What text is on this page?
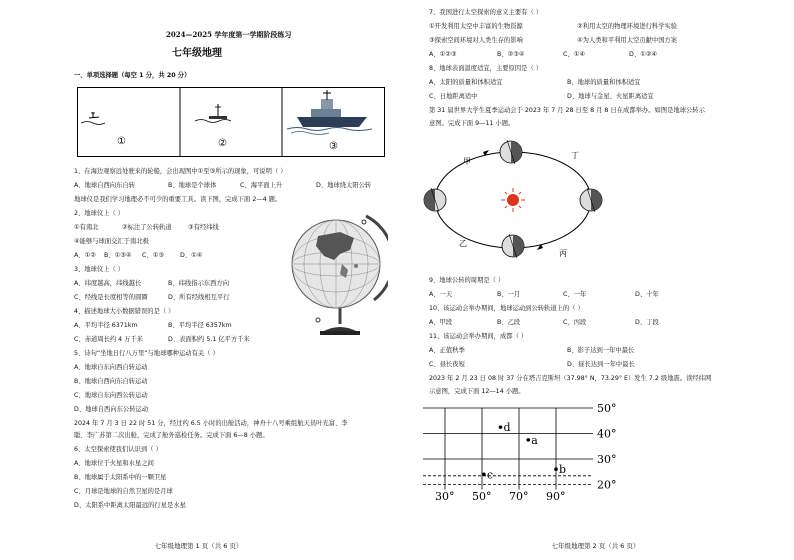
2024—2025 学年度第一学期阶段练习
七年级地理
一、单项选择题（每空 1 分，共 20 分）
①	②	③
1、在海边观察远处驶来的轮船，会出现图中①至③所示的现象，可说明（ ）
A、地球自西向东自转	B、地球是个球体	C、海平面上升	D、地球绕太阳公转
地球仪是我们学习地理必不可少的重要工具。读下图，完成下面 2—4 题。
2、地球仪上（ ）
①有南北	②标注了公转轨道	③有经纬线
④能够与球面交汇于南北极
A、①② B、①③④ C、①③	D、①④
3、地球仪上（ ）
A、纬度越高，纬线越长	B、纬线指示东西方向
C、经线是长度相等的圆圈	D、所有经线相互平行
4、描述地球大小数据错误的是（ ）
A、平均半径 6371km	B、平均半径 6357km
C、赤道周长约 4 万千米	D、表面积约 5.1 亿平方千米
5、诗句“坐地日行八万里”与地球哪种运动有关（ ）
A、地球自东向西自转运动
B、地球自西向东自转运动
C、地球自东向西公转运动
D、地球自西向东公转运动
2024 年 7 月 3 日 22 时 51 分，经过约 6.5 小时的出舱活动，神舟十八号乘组航天员叶光富、李
聪、李广苏第二次出舱，完成了舱外巡检任务。完成下面 6—8 小题。
6、太空探索使我们认识到（ ）
A、地球位于火星和水星之间
B、地球属于太阳系中的一颗卫星
C、月球是地球的自然卫星的是月球
D、太阳系中距离太阳最远的行星是水星
七年级地理第 1 页（共 6 页）
7、我国进行太空探索的意义主要有（ ）
①开发利用太空中丰富的生物资源	②利用太空的物理环境进行科学实验
③探索空间环境对人类生存的影响	④为人类和平利用太空贡献中国方案
A、①②③	B、②③④	C、①④	D、①②④
8、地球表面温度适宜，主要原因是（ ）
A、太阳的质量和体积适宜	B、地球的质量和体积适宜
C、日地距离适中	D、地球与金星、火星距离适宜
第 31 届世界大学生夏季运动会于 2023 年 7 月 28 日至 8 月 8 日在成都举办。如图是地球公转示
意图。完成下面 9—11 小题。
甲
乙
丙
丁
9、地球公转的周期是（ ）
A、一天	B、一月	C、一年	D、十年
10、该运动会举办期间，地球运动到公转轨道上的（ ）
A、甲段	B、乙段	C、丙段	D、丁段
11、该运动会举办期间，成都（ ）
A、正值秋季	B、影子达到一年中最长
C、昼长夜短	D、昼长达到一年中最长
2023 年 2 月 23 日 08 时 37 分在塔吉克斯坦（37.98° N，73.29° E）发生 7.2 级地震。读经纬网
示意图，完成下面 12—14 小题。
50°
40°
30°
20°
30° 50° 70° 90°
d
a
b
c
七年级地理第 2 页（共 6 页）
